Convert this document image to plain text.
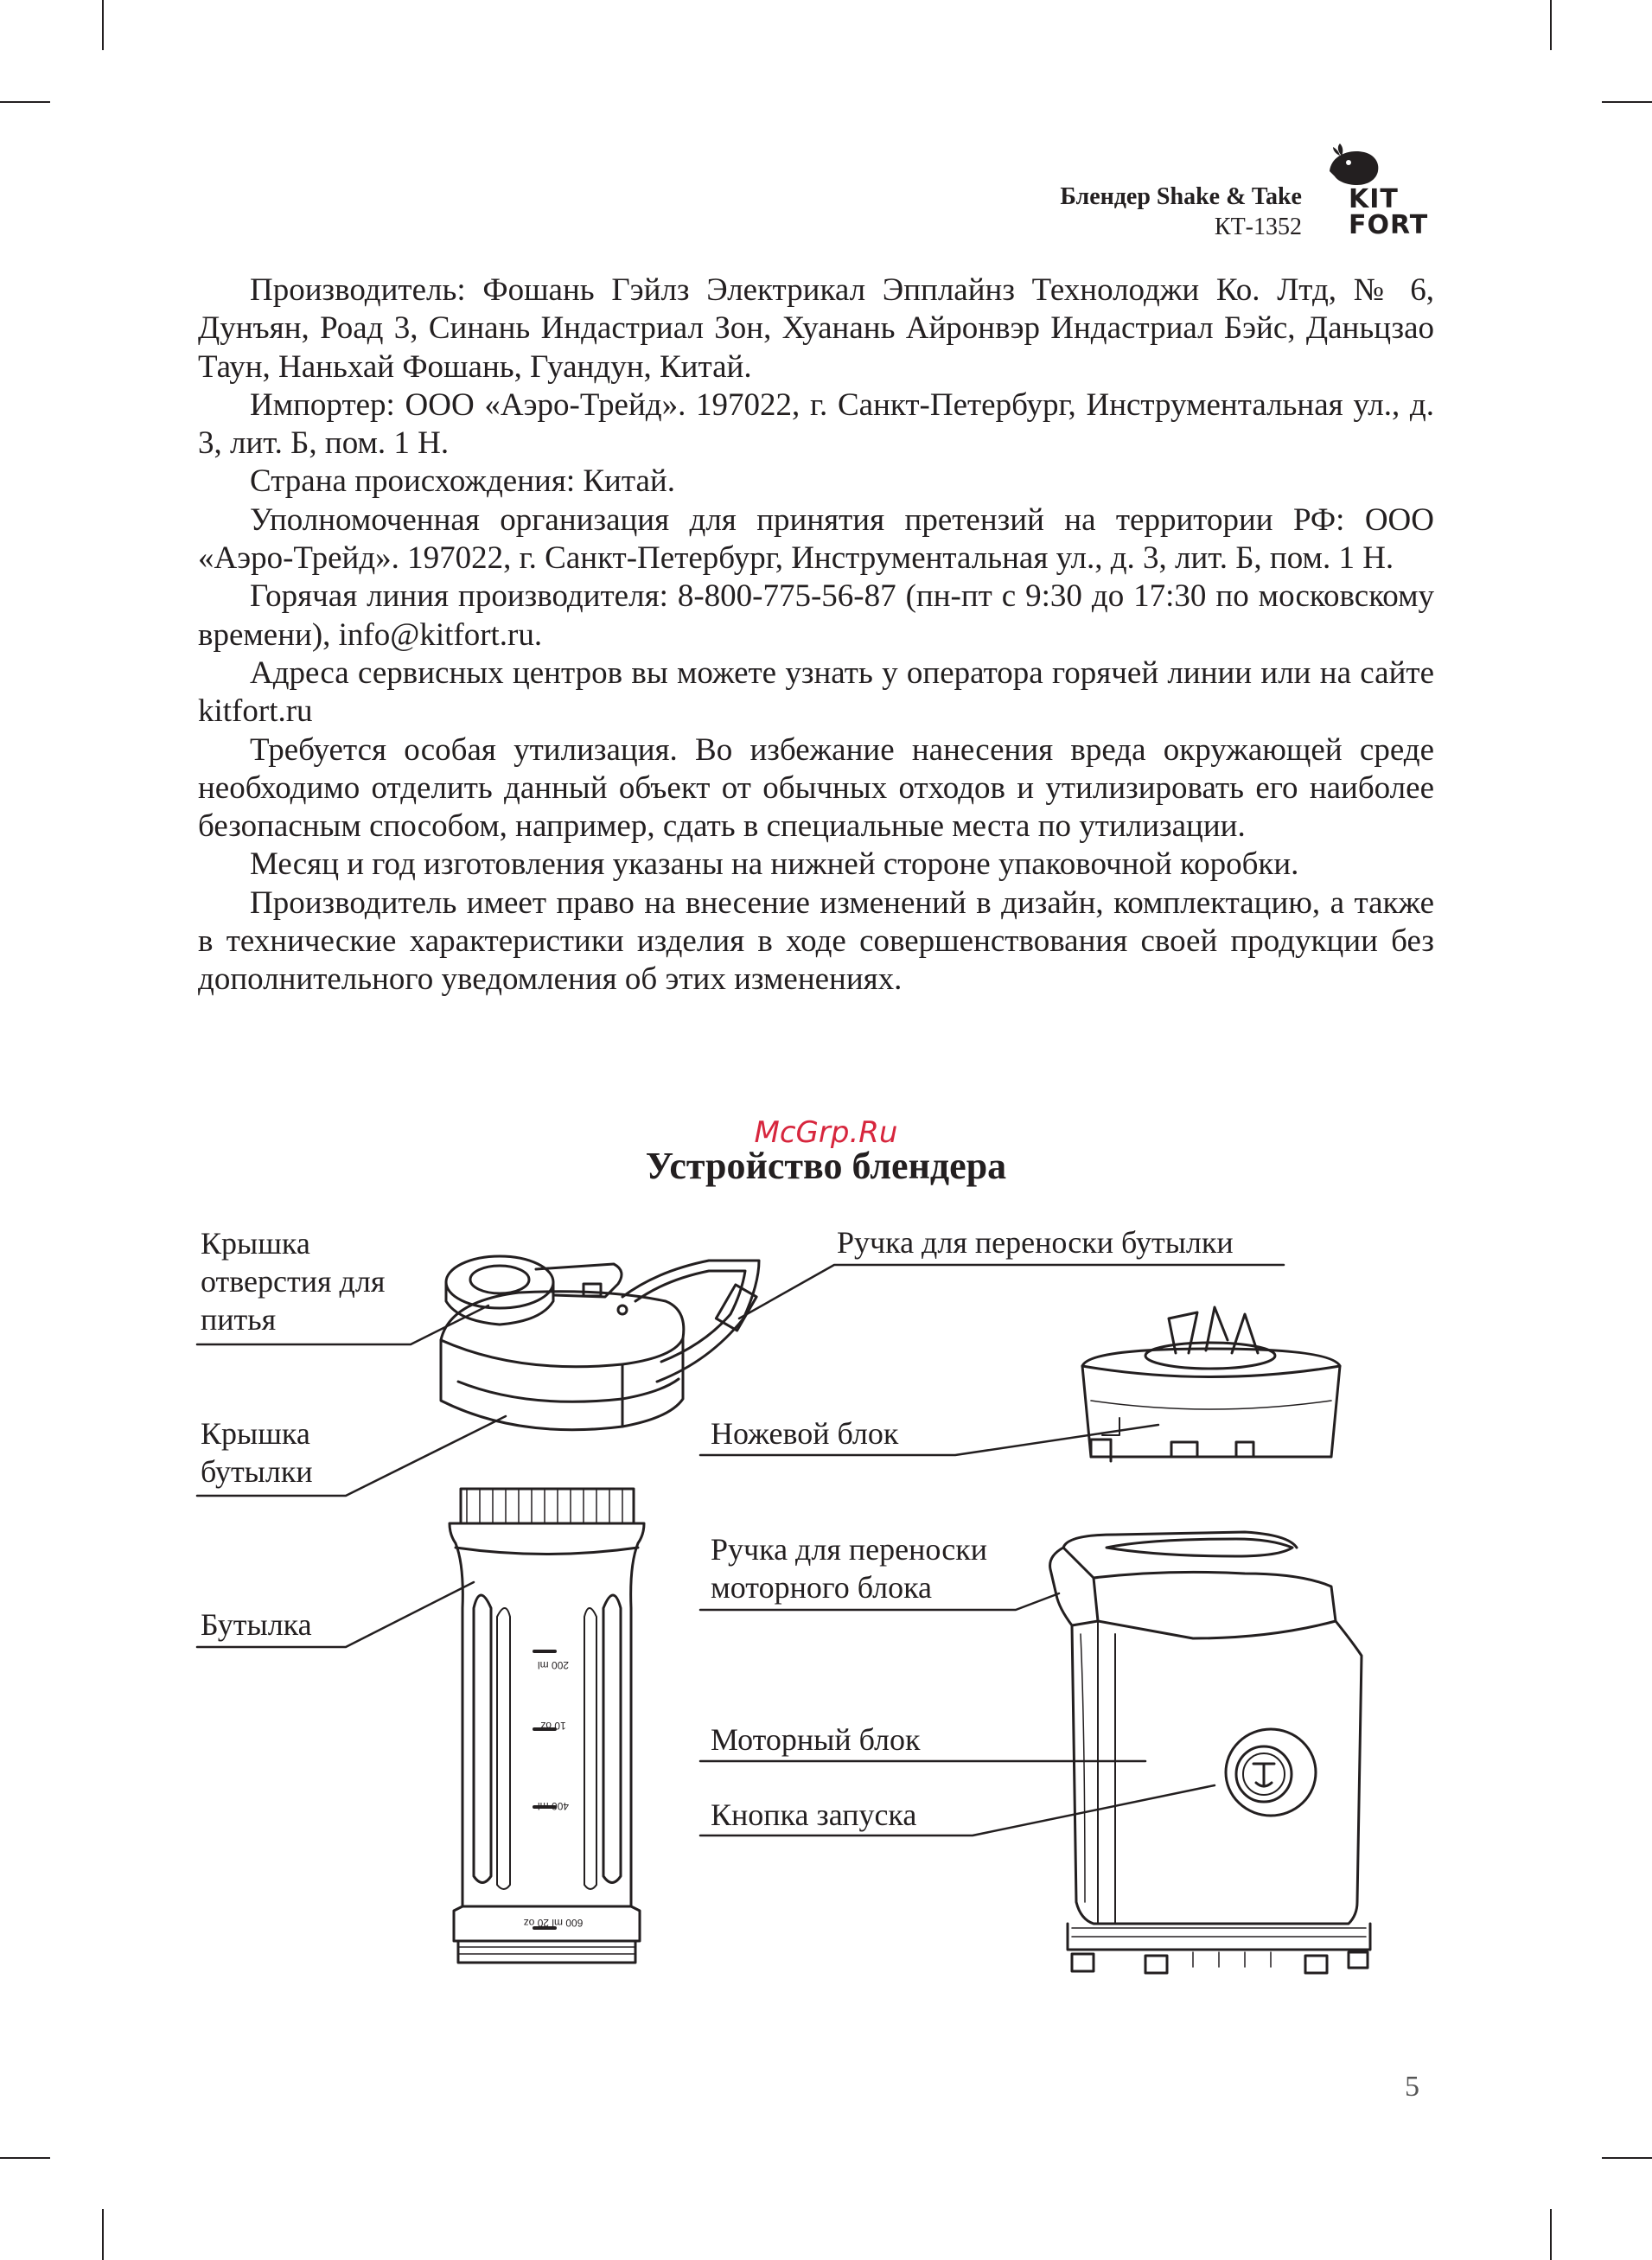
Блендер Shake & Take
КТ-1352
KIT
FORT

Производитель: Фошань Гэйлз Электрикал Эпплайнз Технолоджи Ко. Лтд, № 6, Дунъян, Роад 3, Синань Индастриал Зон, Хуанань Айронвэр Индастриал Бэйс, Даньцзао Таун, Наньхай Фошань, Гуандун, Китай.

Импортер: ООО «Аэро-Трейд». 197022, г. Санкт-Петербург, Инструментальная ул., д. 3, лит. Б, пом. 1 Н.

Страна происхождения: Китай.

Уполномоченная организация для принятия претензий на территории РФ: ООО «Аэро-Трейд». 197022, г. Санкт-Петербург, Инструментальная ул., д. 3, лит. Б, пом. 1 Н.

Горячая линия производителя: 8-800-775-56-87 (пн-пт с 9:30 до 17:30 по московскому времени), info@kitfort.ru.

Адреса сервисных центров вы можете узнать у оператора горячей линии или на сайте kitfort.ru

Требуется особая утилизация. Во избежание нанесения вреда окружающей среде необходимо отделить данный объект от обычных отходов и утилизировать его наиболее безопасным способом, например, сдать в специальные места по утилизации.

Месяц и год изготовления указаны на нижней стороне упаковочной коробки.

Производитель имеет право на внесение изменений в дизайн, комплектацию, а также в технические характеристики изделия в ходе совершенствования своей продукции без дополнительного уведомления об этих изменениях.

McGrp.Ru
Устройство блендера
200 ml
10 oz
400 ml
600 ml 20 oz
Крышка
отверстия для
питья
Крышка
бутылки
Бутылка
Ручка для переноски бутылки
Ножевой блок
Ручка для переноски
моторного блока
Моторный блок
Кнопка запуска
5
